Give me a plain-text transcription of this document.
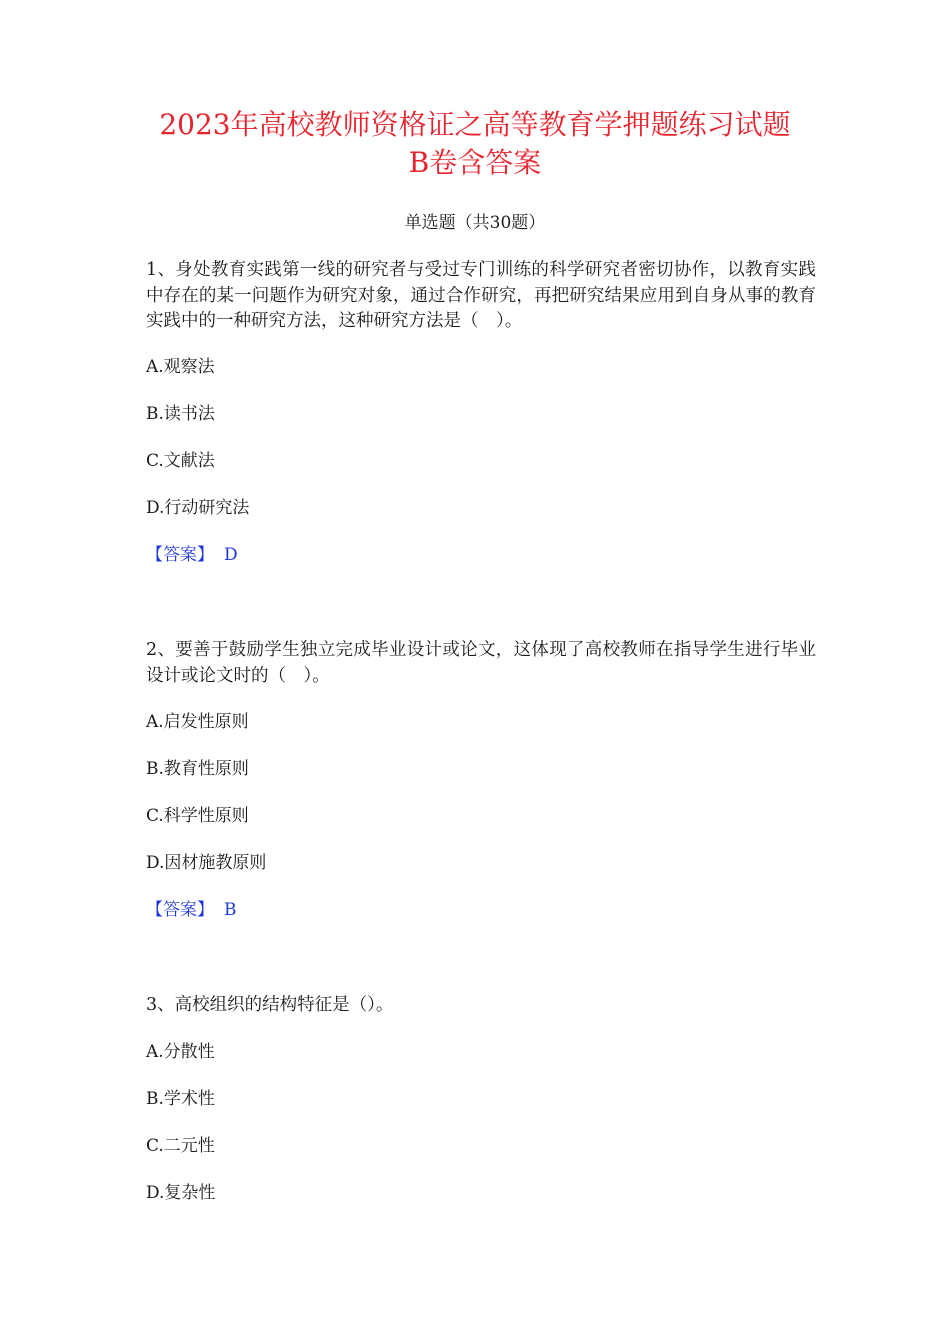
2023年高校教师资格证之高等教育学押题练习试题
B卷含答案
单选题（共30题）

1、身处教育实践第一线的研究者与受过专门训练的科学研究者密切协作，以教育实践中存在的某一问题作为研究对象，通过合作研究，再把研究结果应用到自身从事的教育实践中的一种研究方法，这种研究方法是（　）。

A.观察法
B.读书法
C.文献法
D.行动研究法
【答案】 D

2、要善于鼓励学生独立完成毕业设计或论文，这体现了高校教师在指导学生进行毕业设计或论文时的（　）。

A.启发性原则
B.教育性原则
C.科学性原则
D.因材施教原则
【答案】 B

3、高校组织的结构特征是（）。

A.分散性
B.学术性
C.二元性
D.复杂性
